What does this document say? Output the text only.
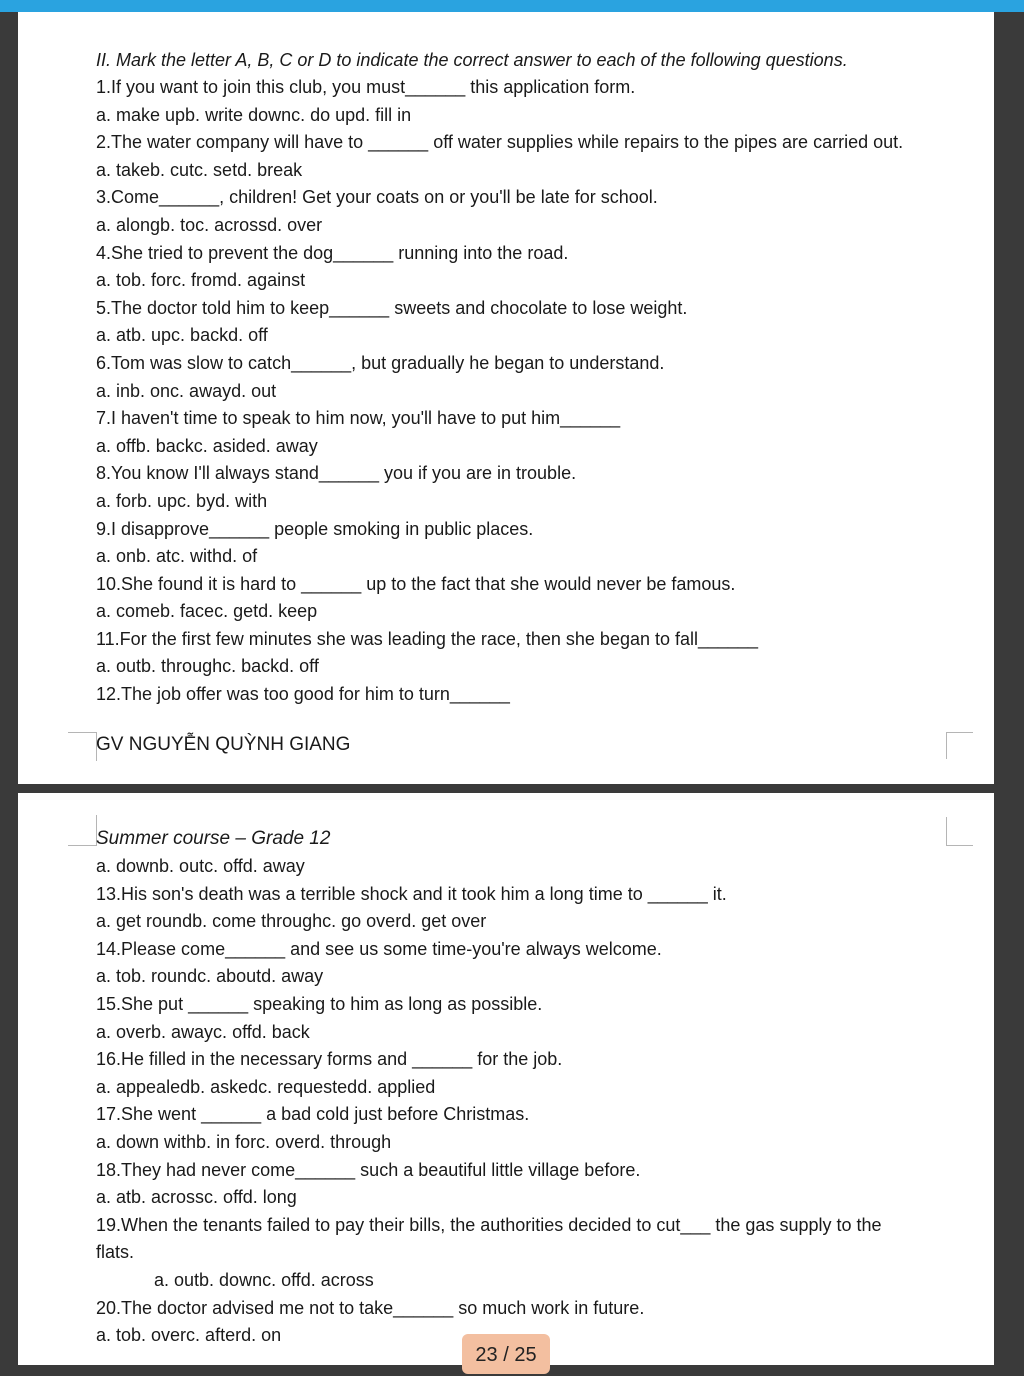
II. Mark the letter A, B, C or D to indicate the correct answer to each of the following questions.
1.If you want to join this club, you must______ this application form.
a. make upb. write downc. do upd. fill in
2.The water company will have to ______ off water supplies while repairs to the pipes are carried out.
a. takeb. cutc. setd. break
3.Come______, children! Get your coats on or you'll be late for school.
a. alongb. toc. acrossd. over
4.She tried to prevent the dog______ running into the road.
a. tob. forc. fromd. against
5.The doctor told him to keep______ sweets and chocolate to lose weight.
a. atb. upc. backd. off
6.Tom was slow to catch______, but gradually he began to understand.
a. inb. onc. awayd. out
7.I haven't time to speak to him now, you'll have to put him______
a. offb. backc. asided. away
8.You know I'll always stand______ you if you are in trouble.
a. forb. upc. byd. with
9.I disapprove______ people smoking in public places.
a. onb. atc. withd. of
10.She found it is hard to ______ up to the fact that she would never be famous.
a. comeb. facec. getd. keep
11.For the first few minutes she was leading the race, then she began to fall______
a. outb. throughc. backd. off
12.The job offer was too good for him to turn______
GV NGUYỄN QUỲNH GIANG
Summer course – Grade 12
a. downb. outc. offd. away
13.His son's death was a terrible shock and it took him a long time to ______ it.
a. get roundb. come throughc. go overd. get over
14.Please come______ and see us some time-you're always welcome.
a. tob. roundc. aboutd. away
15.She put ______ speaking to him as long as possible.
a. overb. awayc. offd. back
16.He filled in the necessary forms and ______ for the job.
a. appealedb. askedc. requestedd. applied
17.She went ______ a bad cold just before Christmas.
a. down withb. in forc. overd. through
18.They had never come______ such a beautiful little village before.
a. atb. acrossc. offd. long
19.When the tenants failed to pay their bills, the authorities decided to cut___ the gas supply to the
flats.
a. outb. downc. offd. across
20.The doctor advised me not to take______ so much work in future.
a. tob. overc. afterd. on
23 / 25
